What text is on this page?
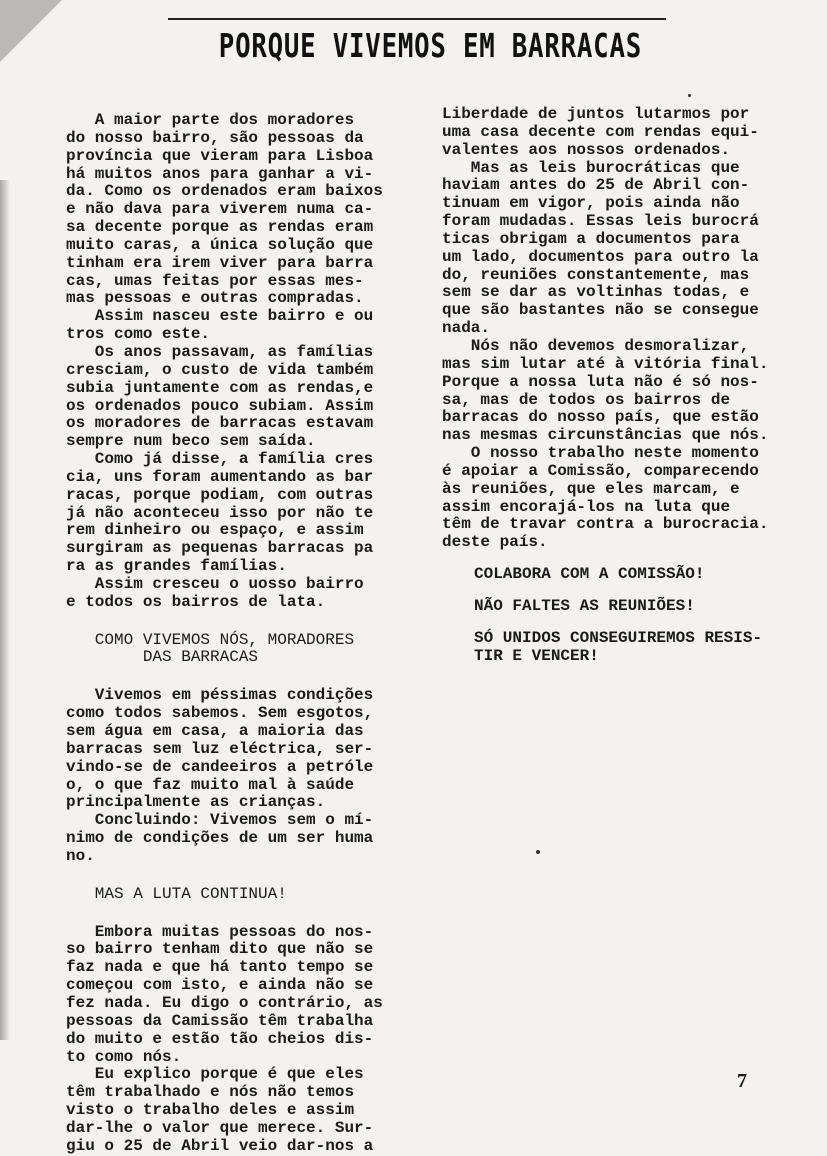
PORQUE VIVEMOS EM BARRACAS

A maior parte dos moradores

do nosso bairro, são pessoas da

província que vieram para Lisboa

há muitos anos para ganhar a vi-

da. Como os ordenados eram baixos

e não dava para viverem numa ca-

sa decente porque as rendas eram

muito caras, a única solução que

tinham era irem viver para barra

cas, umas feitas por essas mes-

mas pessoas e outras compradas.

Assim nasceu este bairro e ou

tros como este.

Os anos passavam, as famílias

cresciam, o custo de vida também

subia juntamente com as rendas,e

os ordenados pouco subiam. Assim

os moradores de barracas estavam

sempre num beco sem saída.

Como já disse, a família cres

cia, uns foram aumentando as bar

racas, porque podiam, com outras

já não aconteceu isso por não te

rem dinheiro ou espaço, e assim

surgiram as pequenas barracas pa

ra as grandes famílias.

Assim cresceu o uosso bairro

e todos os bairros de lata.

COMO VIVEMOS NÓS, MORADORES

DAS BARRACAS

Vivemos em péssimas condições

como todos sabemos. Sem esgotos,

sem água em casa, a maioria das

barracas sem luz eléctrica, ser-

vindo-se de candeeiros a petróle

o, o que faz muito mal à saúde

principalmente as crianças.

Concluindo: Vivemos sem o mí-

nimo de condições de um ser huma

no.

MAS A LUTA CONTINUA!

Embora muitas pessoas do nos-

so bairro tenham dito que não se

faz nada e que há tanto tempo se

começou com isto, e ainda não se

fez nada. Eu digo o contrário, as

pessoas da Camissão têm trabalha

do muito e estão tão cheios dis-

to como nós.

Eu explico porque é que eles

têm trabalhado e nós não temos

visto o trabalho deles e assim

dar-lhe o valor que merece. Sur-

giu o 25 de Abril veio dar-nos a

Liberdade de juntos lutarmos por

uma casa decente com rendas equi-

valentes aos nossos ordenados.

Mas as leis burocráticas que

haviam antes do 25 de Abril con-

tinuam em vigor, pois ainda não

foram mudadas. Essas leis burocrá

ticas obrigam a documentos para

um lado, documentos para outro la

do, reuniões constantemente, mas

sem se dar as voltinhas todas, e

que são bastantes não se consegue

nada.

Nós não devemos desmoralizar,

mas sim lutar até à vitória final.

Porque a nossa luta não é só nos-

sa, mas de todos os bairros de

barracas do nosso país, que estão

nas mesmas circunstâncias que nós.

O nosso trabalho neste momento

é apoiar a Comissão, comparecendo

às reuniões, que eles marcam, e

assim encorajá-los na luta que

têm de travar contra a burocracia.

deste país.

COLABORA COM A COMISSÃO!

NÃO FALTES AS REUNIÕES!

SÓ UNIDOS CONSEGUIREMOS RESIS-

TIR E VENCER!

7
